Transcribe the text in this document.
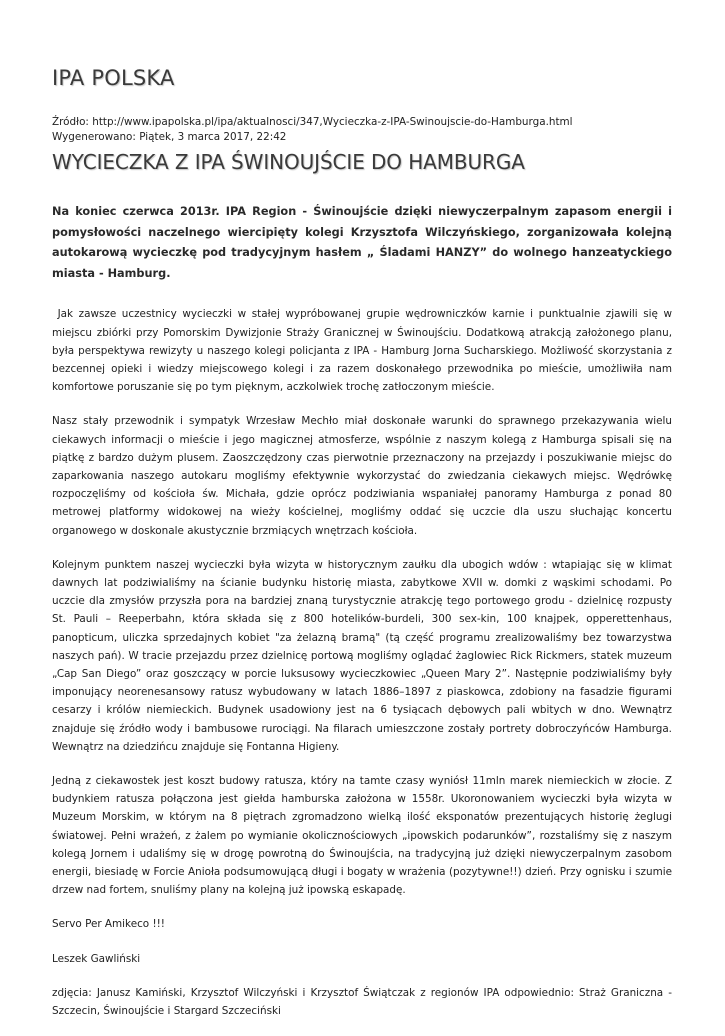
IPA POLSKA
Źródło: http://www.ipapolska.pl/ipa/aktualnosci/347,Wycieczka-z-IPA-Swinoujscie-do-Hamburga.html
Wygenerowano: Piątek, 3 marca 2017, 22:42
WYCIECZKA Z IPA ŚWINOUJŚCIE DO HAMBURGA

Na koniec czerwca 2013r. IPA Region - Świnoujście dzięki niewyczerpalnym zapasom energii i pomysłowości naczelnego wiercipięty kolegi Krzysztofa Wilczyńskiego, zorganizowała kolejną autokarową wycieczkę pod tradycyjnym hasłem „ Śladami HANZY” do wolnego hanzeatyckiego miasta - Hamburg.

Jak zawsze uczestnicy wycieczki w stałej wypróbowanej grupie wędrowniczków karnie i punktualnie zjawili się w miejscu zbiórki przy Pomorskim Dywizjonie Straży Granicznej w Świnoujściu. Dodatkową atrakcją założonego planu, była perspektywa rewizyty u naszego kolegi policjanta z IPA - Hamburg Jorna Sucharskiego. Możliwość skorzystania z bezcennej opieki i wiedzy miejscowego kolegi i za razem doskonałego przewodnika po mieście, umożliwiła nam komfortowe poruszanie się po tym pięknym, aczkolwiek trochę zatłoczonym mieście.

Nasz stały przewodnik i sympatyk Wrzesław Mechło miał doskonałe warunki do sprawnego przekazywania wielu ciekawych informacji o mieście i jego magicznej atmosferze, wspólnie z naszym kolegą z Hamburga spisali się na piątkę z bardzo dużym plusem. Zaoszczędzony czas pierwotnie przeznaczony na przejazdy i poszukiwanie miejsc do zaparkowania naszego autokaru mogliśmy efektywnie wykorzystać do zwiedzania ciekawych miejsc. Wędrówkę rozpoczęliśmy od kościoła św. Michała, gdzie oprócz podziwiania wspaniałej panoramy Hamburga z ponad 80 metrowej platformy widokowej na wieży kościelnej, mogliśmy oddać się uczcie dla uszu słuchając koncertu organowego w doskonale akustycznie brzmiących wnętrzach kościoła.

Kolejnym punktem naszej wycieczki była wizyta w historycznym zaułku dla ubogich wdów : wtapiając się w klimat dawnych lat podziwialiśmy na ścianie budynku historię miasta, zabytkowe XVII w. domki z wąskimi schodami. Po uczcie dla zmysłów przyszła pora na bardziej znaną turystycznie atrakcję tego portowego grodu - dzielnicę rozpusty St. Pauli – Reeperbahn, która składa się z 800 hotelików-burdeli, 300 sex-kin, 100 knajpek, opperettenhaus, panopticum, uliczka sprzedajnych kobiet "za żelazną bramą" (tą część programu zrealizowaliśmy bez towarzystwa naszych pań). W tracie przejazdu przez dzielnicę portową mogliśmy oglądać żaglowiec Rick Rickmers, statek muzeum „Cap San Diego” oraz goszczący w porcie luksusowy wycieczkowiec „Queen Mary 2”. Następnie podziwialiśmy były imponujący neorenesansowy ratusz wybudowany w latach 1886–1897 z piaskowca, zdobiony na fasadzie figurami cesarzy i królów niemieckich. Budynek usadowiony jest na 6 tysiącach dębowych pali wbitych w dno. Wewnątrz znajduje się źródło wody i bambusowe rurociągi. Na filarach umieszczone zostały portrety dobroczyńców Hamburga. Wewnątrz na dziedzińcu znajduje się Fontanna Higieny.

Jedną z ciekawostek jest koszt budowy ratusza, który na tamte czasy wyniósł 11mln marek niemieckich w złocie. Z budynkiem ratusza połączona jest giełda hamburska założona w 1558r. Ukoronowaniem wycieczki była wizyta w Muzeum Morskim, w którym na 8 piętrach zgromadzono wielką ilość eksponatów prezentujących historię żeglugi światowej. Pełni wrażeń, z żalem po wymianie okolicznościowych „ipowskich podarunków”, rozstaliśmy się z naszym kolegą Jornem i udaliśmy się w drogę powrotną do Świnoujścia, na tradycyjną już dzięki niewyczerpalnym zasobom energii, biesiadę w Forcie Anioła podsumowującą długi i bogaty w wrażenia (pozytywne!!) dzień. Przy ognisku i szumie drzew nad fortem, snuliśmy plany na kolejną już ipowską eskapadę.

Servo Per Amikeco !!!

Leszek Gawliński

zdjęcia: Janusz Kamiński, Krzysztof Wilczyński i Krzysztof Świątczak z regionów IPA odpowiednio: Straż Graniczna - Szczecin, Świnoujście i Stargard Szczeciński
